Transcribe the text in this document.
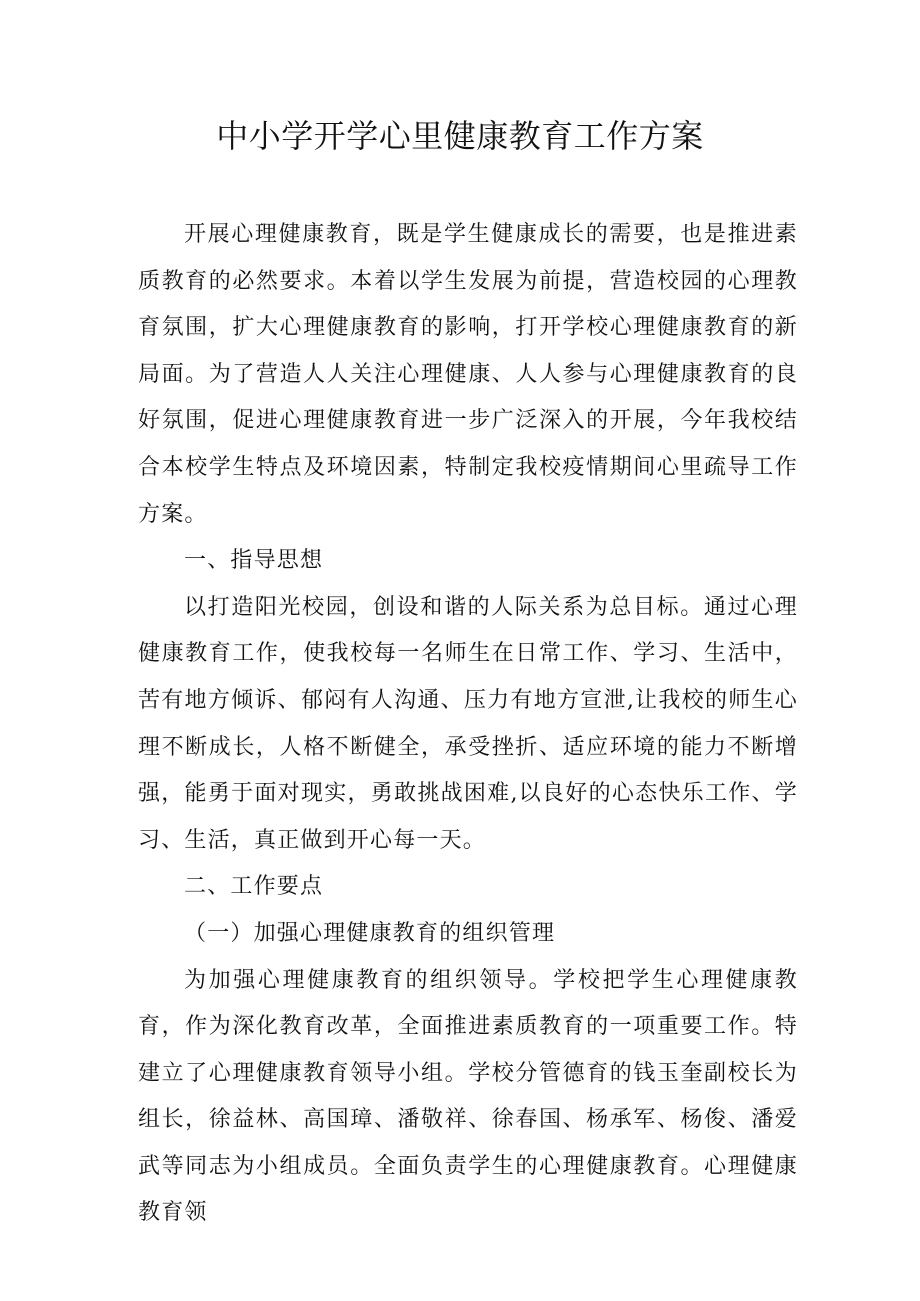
中小学开学心里健康教育工作方案

开展心理健康教育，既是学生健康成长的需要，也是推进素质教育的必然要求。本着以学生发展为前提，营造校园的心理教育氛围，扩大心理健康教育的影响，打开学校心理健康教育的新局面。为了营造人人关注心理健康、人人参与心理健康教育的良好氛围，促进心理健康教育进一步广泛深入的开展，今年我校结合本校学生特点及环境因素，特制定我校疫情期间心里疏导工作方案。

一、指导思想

以打造阳光校园，创设和谐的人际关系为总目标。通过心理健康教育工作，使我校每一名师生在日常工作、学习、生活中，苦有地方倾诉、郁闷有人沟通、压力有地方宣泄,让我校的师生心理不断成长，人格不断健全，承受挫折、适应环境的能力不断增强，能勇于面对现实，勇敢挑战困难,以良好的心态快乐工作、学习、生活，真正做到开心每一天。

二、工作要点

（一）加强心理健康教育的组织管理

为加强心理健康教育的组织领导。学校把学生心理健康教育，作为深化教育改革，全面推进素质教育的一项重要工作。特建立了心理健康教育领导小组。学校分管德育的钱玉奎副校长为组长，徐益林、高国璋、潘敬祥、徐春国、杨承军、杨俊、潘爱武等同志为小组成员。全面负责学生的心理健康教育。心理健康教育领
